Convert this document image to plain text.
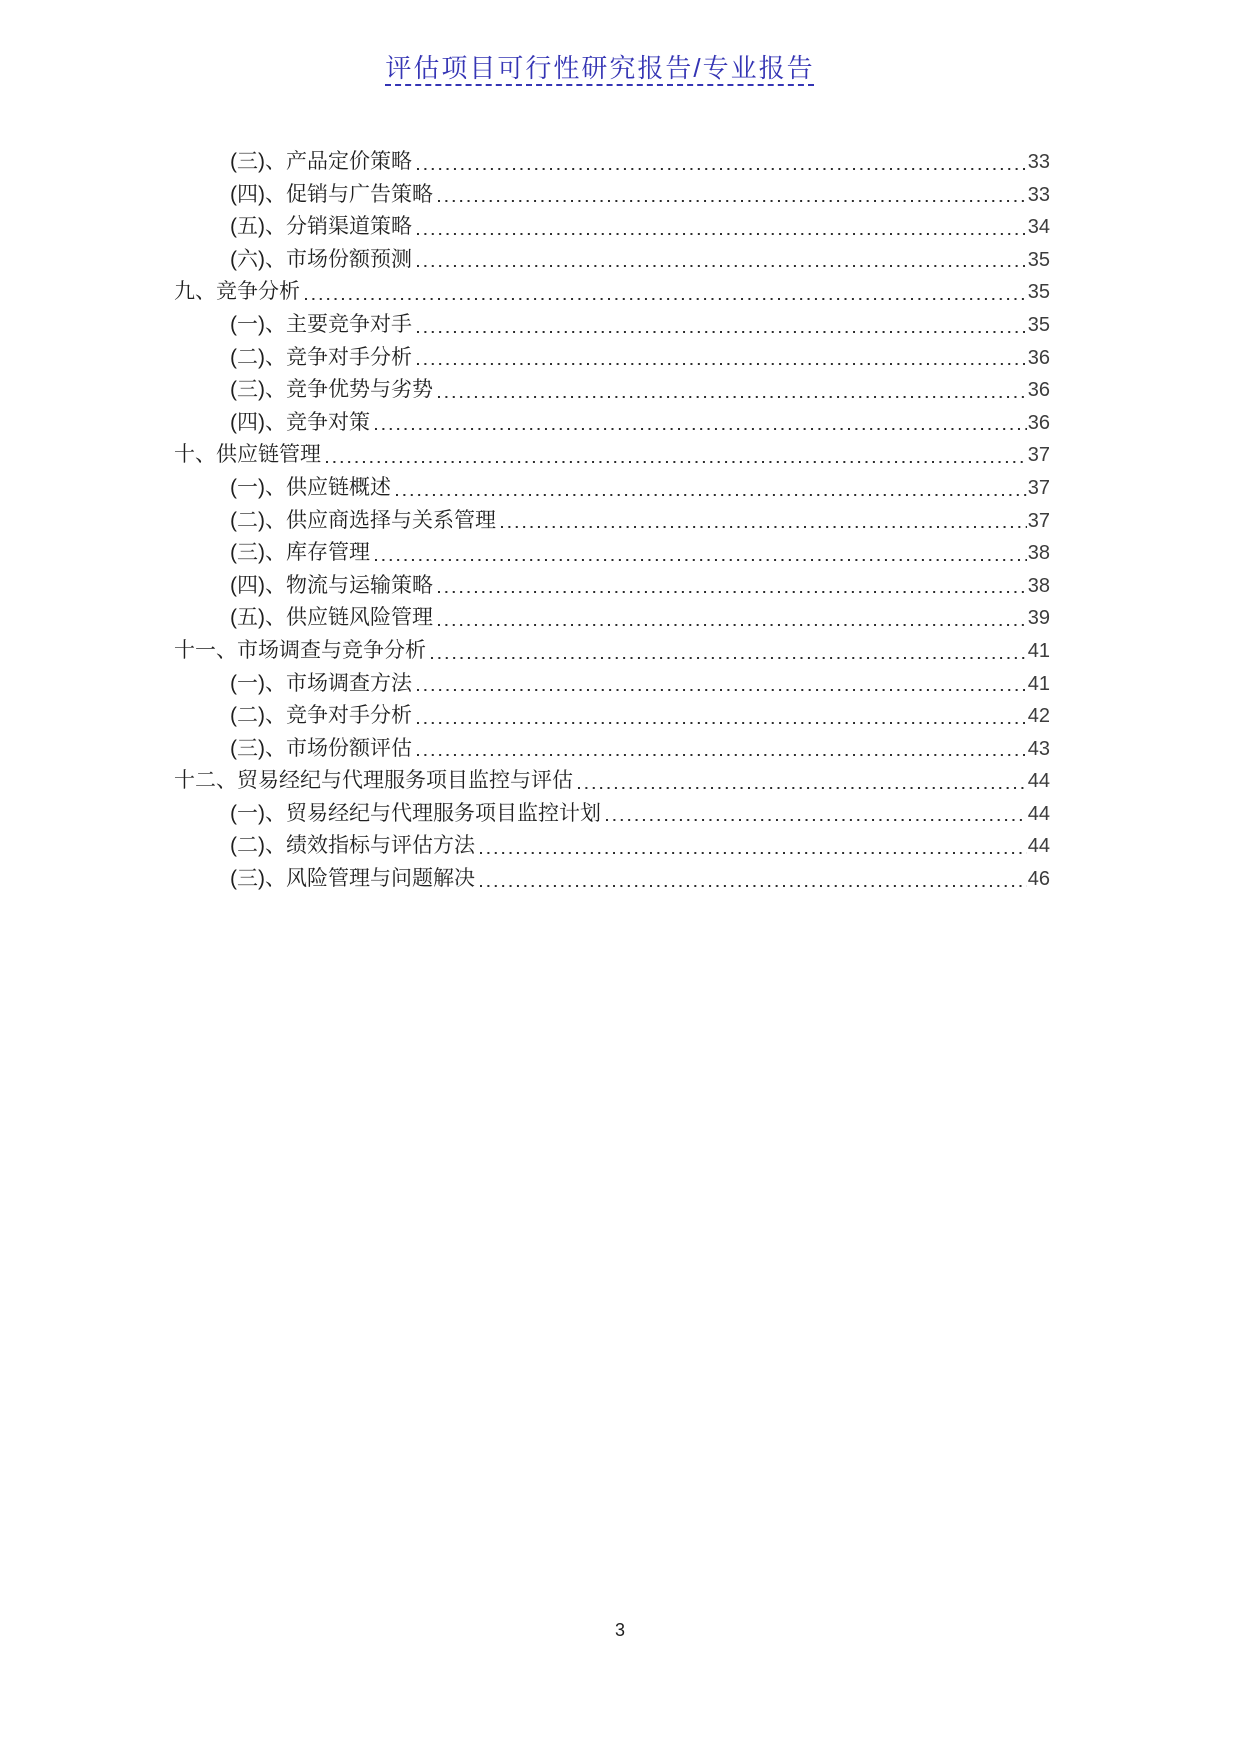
评估项目可行性研究报告/专业报告
(三)、产品定价策略	33
(四)、促销与广告策略	33
(五)、分销渠道策略	34
(六)、市场份额预测	35
九、竞争分析	35
(一)、主要竞争对手	35
(二)、竞争对手分析	36
(三)、竞争优势与劣势	36
(四)、竞争对策	36
十、供应链管理	37
(一)、供应链概述	37
(二)、供应商选择与关系管理	37
(三)、库存管理	38
(四)、物流与运输策略	38
(五)、供应链风险管理	39
十一、市场调查与竞争分析	41
(一)、市场调查方法	41
(二)、竞争对手分析	42
(三)、市场份额评估	43
十二、贸易经纪与代理服务项目监控与评估	44
(一)、贸易经纪与代理服务项目监控计划	44
(二)、绩效指标与评估方法	44
(三)、风险管理与问题解决	46
3
